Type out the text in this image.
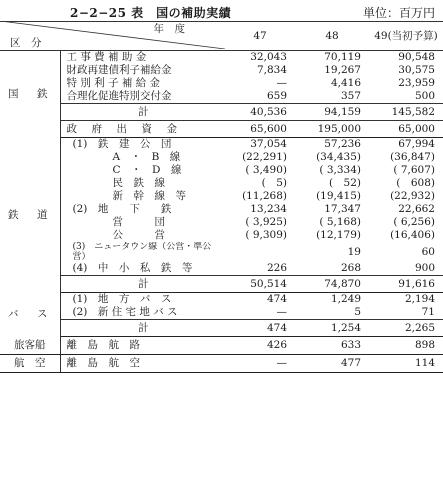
2−2−25 表　国の補助実績	単位：百万円
年　度		47	48	49(当初予算)
区　分				
国　鉄	工 事 費 補 助 金	32,043	70,119	90,548
	財政再建債利子補給金	7,834	19,267	30,575
	特 別 利 子 補 給 金	—	4,416	23,959
	合理化促進特別交付金	659	357	500
	計	40,536	94,159	145,582
	政　府　出　資　金	65,600	195,000	65,000
鉄　道	(1)　鉄　建　公　団	37,054	57,236	67,994
	A　・　B　線	(22,291)	(34,435)	(36,847)
	C　・　D　線	( 3,490)	( 3,334)	( 7,607)
	民　鉄　線	(　5)	(　52)	(　608)
	新　幹　線　等	(11,268)	(19,415)	(22,932)
	(2)　地　　下　　鉄	13,234	17,347	22,662
	営　　　団	( 3,925)	( 5,168)	( 6,256)
	公　　　営	( 9,309)	(12,179)	(16,406)
	(3)　ニュータウン線（公営・準公営）		19	60
	(4)　中　小　私　鉄　等	226	268	900
	計	50,514	74,870	91,616
バ　ス	(1)　地　方　バ　ス	474	1,249	2,194
	(2)　新 住 宅 地 バ ス	—	5	71
	計	474	1,254	2,265
旅客船	離　島　航　路	426	633	898
航　空	離　島　航　空	—	477	114
